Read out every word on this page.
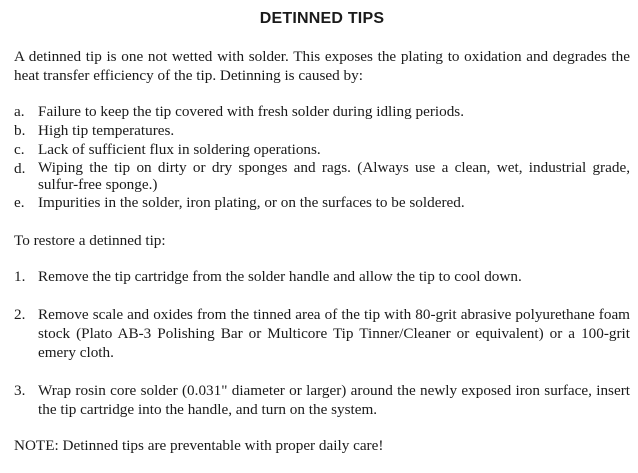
DETINNED TIPS

A detinned tip is one not wetted with solder. This exposes the plating to oxidation and degrades the heat transfer efficiency of the tip. Detinning is caused by:

a. Failure to keep the tip covered with fresh solder during idling periods.
b. High tip temperatures.
c. Lack of sufficient flux in soldering operations.
d. Wiping the tip on dirty or dry sponges and rags. (Always use a clean, wet, industrial grade, sulfur-free sponge.)
e. Impurities in the solder, iron plating, or on the surfaces to be soldered.

To restore a detinned tip:

1. Remove the tip cartridge from the solder handle and allow the tip to cool down.
2. Remove scale and oxides from the tinned area of the tip with 80-grit abrasive polyurethane foam stock (Plato AB-3 Polishing Bar or Multicore Tip Tinner/Cleaner or equivalent) or a 100-grit emery cloth.
3. Wrap rosin core solder (0.031" diameter or larger) around the newly exposed iron surface, insert the tip cartridge into the handle, and turn on the system.

NOTE: Detinned tips are preventable with proper daily care!
